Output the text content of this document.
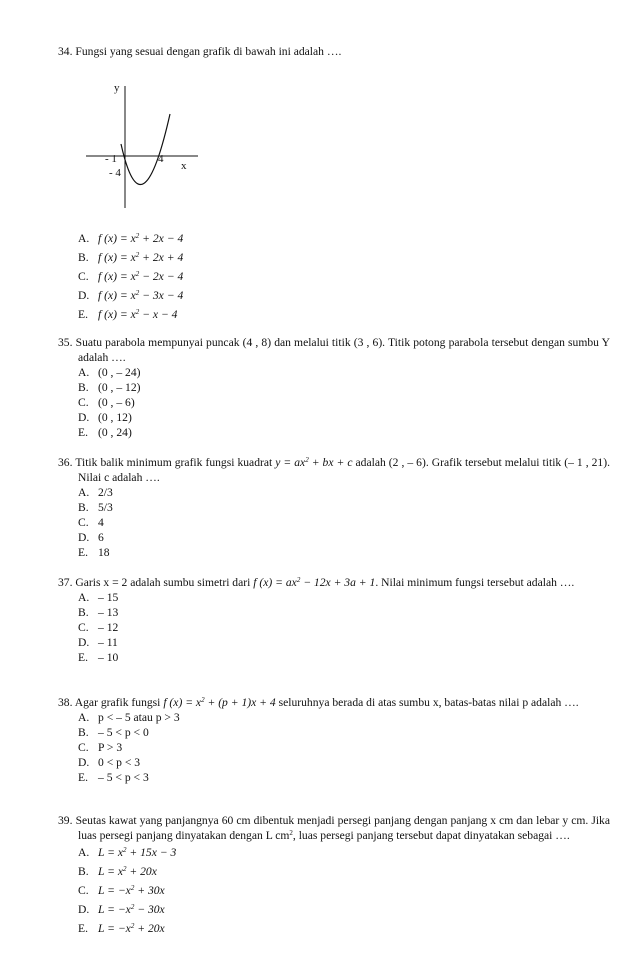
34. Fungsi yang sesuai dengan grafik di bawah ini adalah ….
y
x
- 1	4
- 4
A. f $(x) = x^2 + 2x - 4$
B. f $(x) = x^2 + 2x + 4$
C. f $(x) = x^2 - 2x - 4$
D. f $(x) = x^2 - 3x - 4$
E. f $(x) = x^2 - x - 4$
35. Suatu parabola mempunyai puncak (4 , 8) dan melalui titik (3 , 6). Titik potong parabola tersebut dengan sumbu Y adalah ….
A. (0 , – 24)
B. (0 , – 12)
C. (0 , – 6)
D. (0 , 12)
E. (0 , 24)
36. Titik balik minimum grafik fungsi kuadrat $y = ax^2$ + bx + c adalah (2 , – 6). Grafik tersebut melalui titik (– 1 , 21). Nilai c adalah ….
A. 2/3
B. 5/3
C. 4
D. 6
E. 18
37. Garis x = 2 adalah sumbu simetri dari f $(x) = ax^2 - 12x + 3a + 1$. Nilai minimum fungsi tersebut adalah ….
A. – 15
B. – 13
C. – 12
D. – 11
E. – 10
38. Agar grafik fungsi f $(x) = x^2 + (p + 1)x + 4$ seluruhnya berada di atas sumbu x, batas-batas nilai p adalah ….
A. p < – 5 atau p > 3
B. – 5 < p < 0
C. P > 3
D. 0 < p < 3
E. – 5 < p < 3
39. Seutas kawat yang panjangnya 60 cm dibentuk menjadi persegi panjang dengan panjang x cm dan lebar y cm. Jika luas persegi panjang dinyatakan dengan L $cm^2$, luas persegi panjang tersebut dapat dinyatakan sebagai ….
A. $L = x^2 + 15x - 3$
B. $L = x^2 + 20x$
C. $L = -x^2 + 30x$
D. $L = -x^2 - 30x$
E. $L = -x^2 + 20x$
